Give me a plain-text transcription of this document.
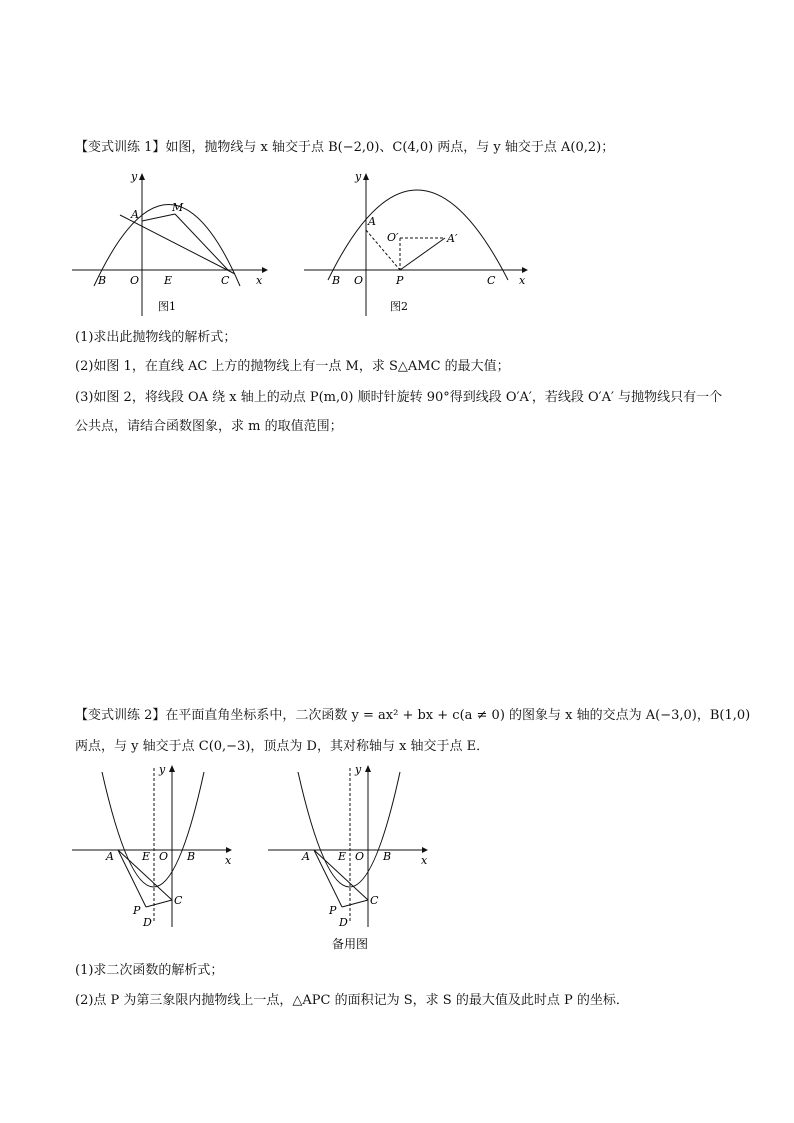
【变式训练 1】如图，抛物线与 x 轴交于点 B(−2,0)、C(4,0) 两点，与 y 轴交于点 A(0,2)；
y
x
A
M
B O E	C
图1
y
x
A
O′	A′
B O	P	C
图2
(1)求出此抛物线的解析式；
(2)如图 1，在直线 AC 上方的抛物线上有一点 M，求 S△AMC 的最大值；
(3)如图 2，将线段 OA 绕 x 轴上的动点 P(m,0) 顺时针旋转 90°得到线段 O′A′，若线段 O′A′ 与抛物线只有一个
公共点，请结合函数图象，求 m 的取值范围；
【变式训练 2】在平面直角坐标系中，二次函数 y = ax² + bx + c(a ≠ 0) 的图象与 x 轴的交点为 A(−3,0)，B(1,0)
两点，与 y 轴交于点 C(0,−3)，顶点为 D，其对称轴与 x 轴交于点 E．
y
x
A	E O B
C
P
D
y
x
A	E O B
C
P
D
备用图
(1)求二次函数的解析式；
(2)点 P 为第三象限内抛物线上一点，△APC 的面积记为 S，求 S 的最大值及此时点 P 的坐标．
